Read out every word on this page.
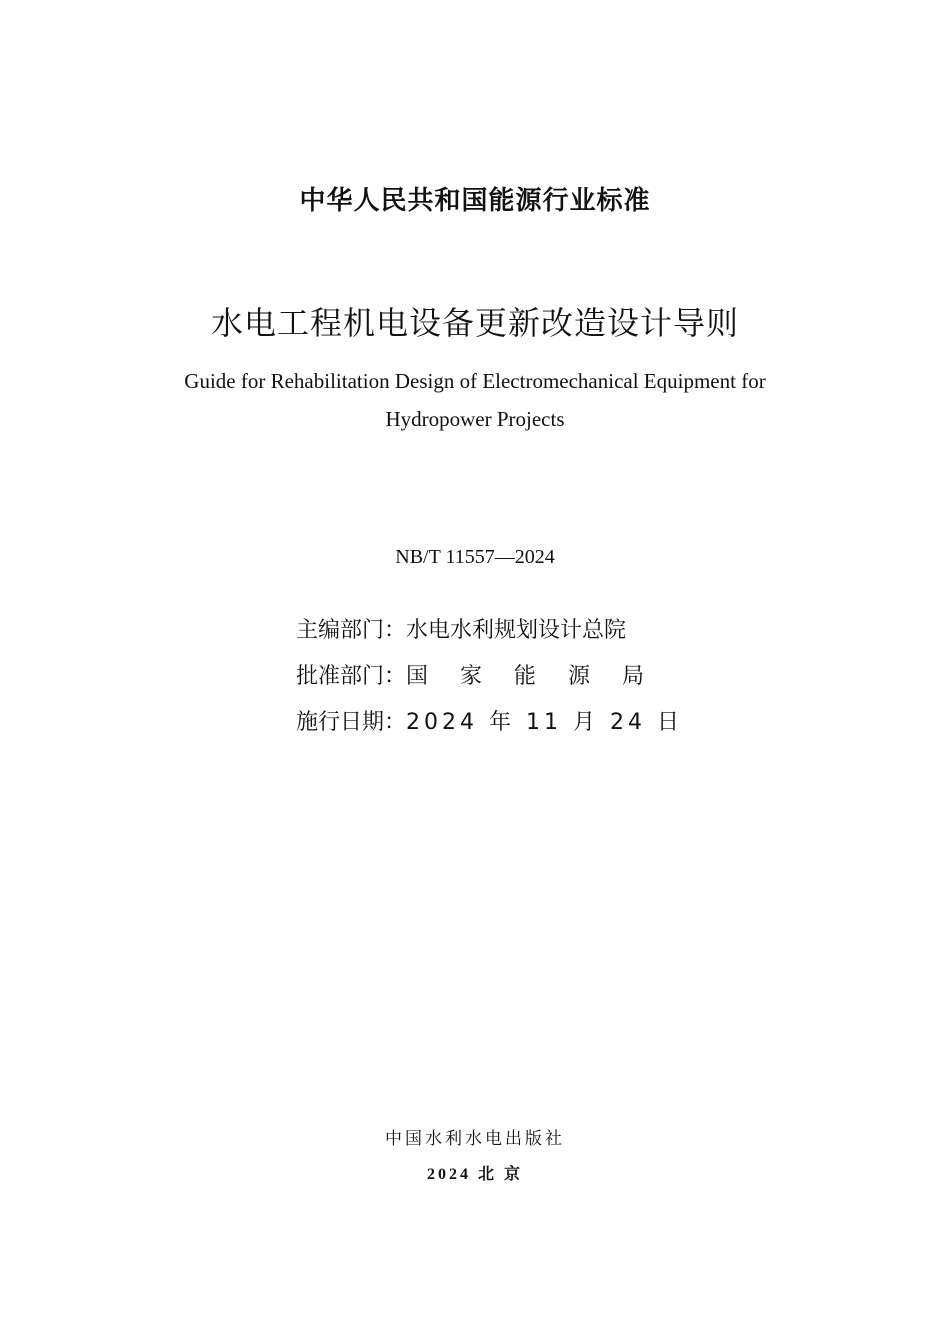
中华人民共和国能源行业标准
水电工程机电设备更新改造设计导则
Guide for Rehabilitation Design of Electromechanical Equipment for
Hydropower Projects
NB/T 11557—2024
主编部门： 水电水利规划设计总院
批准部门： 国 家 能 源 局
施行日期： 2024 年 11 月 24 日
中国水利水电出版社
2024 北 京
